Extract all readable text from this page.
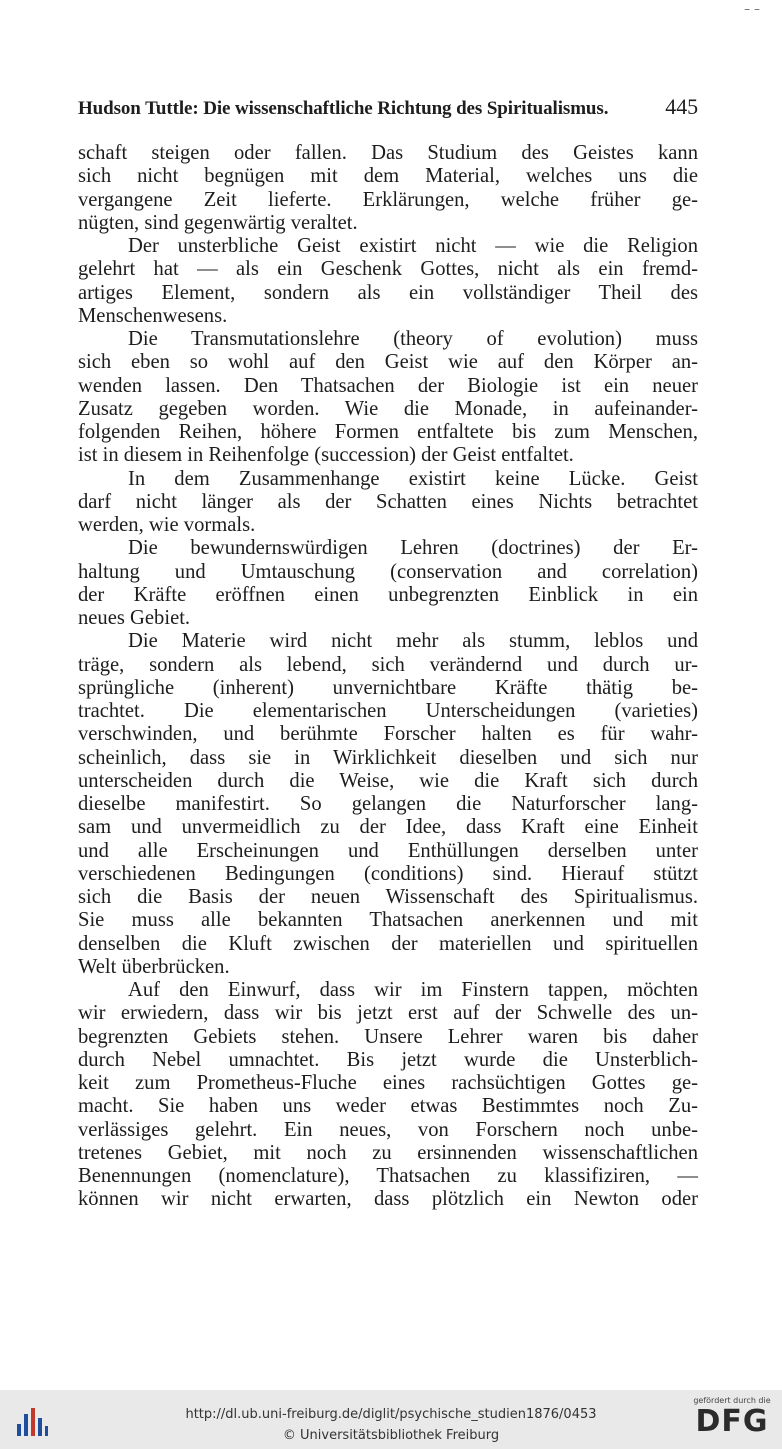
– –
Hudson Tuttle: Die wissenschaftliche Richtung des Spiritualismus.	445
schaft steigen oder fallen. Das Studium des Geistes kann
sich nicht begnügen mit dem Material, welches uns die
vergangene Zeit lieferte. Erklärungen, welche früher ge-
nügten, sind gegenwärtig veraltet.
Der unsterbliche Geist existirt nicht — wie die Religion
gelehrt hat — als ein Geschenk Gottes, nicht als ein fremd-
artiges Element, sondern als ein vollständiger Theil des
Menschenwesens.
Die Transmutationslehre (theory of evolution) muss
sich eben so wohl auf den Geist wie auf den Körper an-
wenden lassen. Den Thatsachen der Biologie ist ein neuer
Zusatz gegeben worden. Wie die Monade, in aufeinander-
folgenden Reihen, höhere Formen entfaltete bis zum Menschen,
ist in diesem in Reihenfolge (succession) der Geist entfaltet.
In dem Zusammenhange existirt keine Lücke. Geist
darf nicht länger als der Schatten eines Nichts betrachtet
werden, wie vormals.
Die bewundernswürdigen Lehren (doctrines) der Er-
haltung und Umtauschung (conservation and correlation)
der Kräfte eröffnen einen unbegrenzten Einblick in ein
neues Gebiet.
Die Materie wird nicht mehr als stumm, leblos und
träge, sondern als lebend, sich verändernd und durch ur-
sprüngliche (inherent) unvernichtbare Kräfte thätig be-
trachtet. Die elementarischen Unterscheidungen (varieties)
verschwinden, und berühmte Forscher halten es für wahr-
scheinlich, dass sie in Wirklichkeit dieselben und sich nur
unterscheiden durch die Weise, wie die Kraft sich durch
dieselbe manifestirt. So gelangen die Naturforscher lang-
sam und unvermeidlich zu der Idee, dass Kraft eine Einheit
und alle Erscheinungen und Enthüllungen derselben unter
verschiedenen Bedingungen (conditions) sind. Hierauf stützt
sich die Basis der neuen Wissenschaft des Spiritualismus.
Sie muss alle bekannten Thatsachen anerkennen und mit
denselben die Kluft zwischen der materiellen und spirituellen
Welt überbrücken.
Auf den Einwurf, dass wir im Finstern tappen, möchten
wir erwiedern, dass wir bis jetzt erst auf der Schwelle des un-
begrenzten Gebiets stehen. Unsere Lehrer waren bis daher
durch Nebel umnachtet. Bis jetzt wurde die Unsterblich-
keit zum Prometheus-Fluche eines rachsüchtigen Gottes ge-
macht. Sie haben uns weder etwas Bestimmtes noch Zu-
verlässiges gelehrt. Ein neues, von Forschern noch unbe-
tretenes Gebiet, mit noch zu ersinnenden wissenschaftlichen
Benennungen (nomenclature), Thatsachen zu klassifiziren, —
können wir nicht erwarten, dass plötzlich ein Newton oder
http://dl.ub.uni-freiburg.de/diglit/psychische_studien1876/0453
© Universitätsbibliothek Freiburg
gefördert durch die
DFG
